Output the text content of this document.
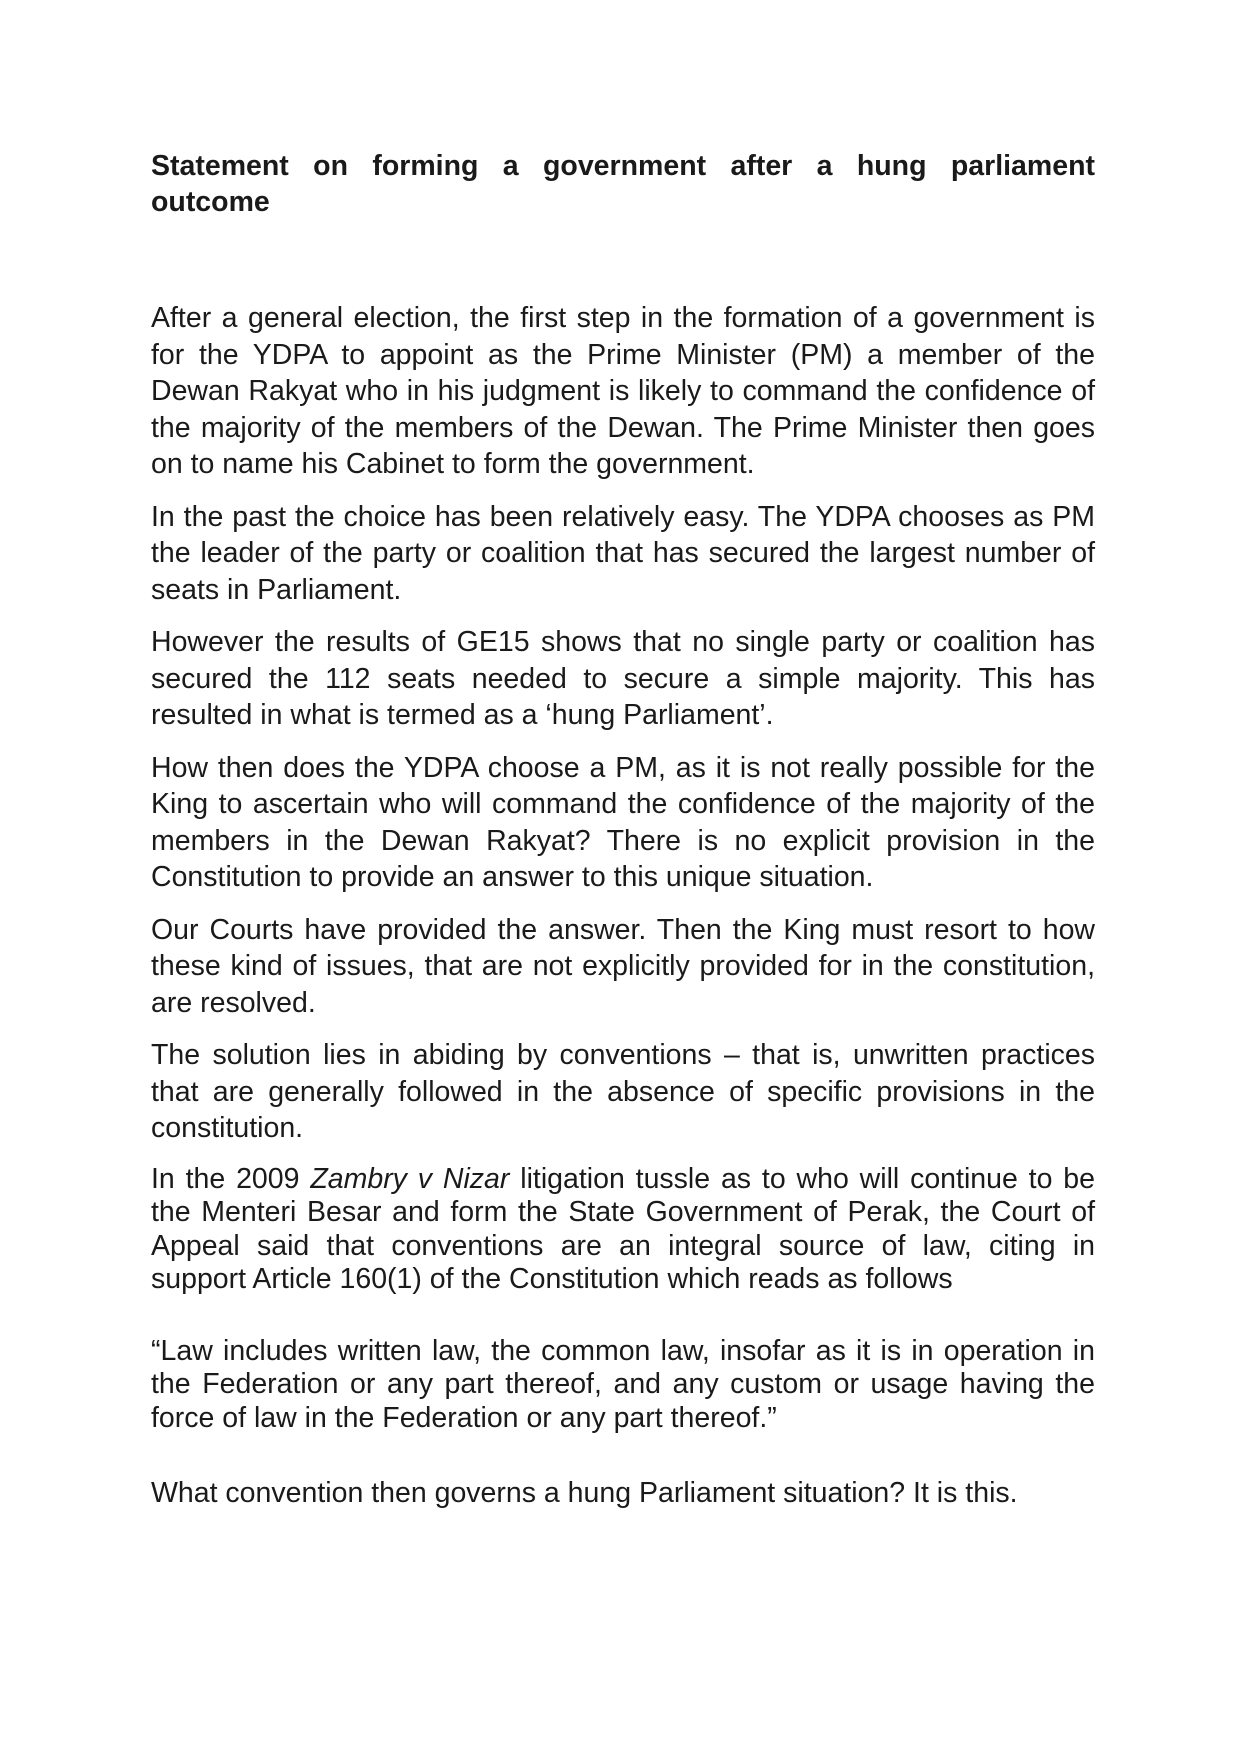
Statement on forming a government after a hung parliament outcome

After a general election, the first step in the formation of a government is for the YDPA to appoint as the Prime Minister (PM) a member of the Dewan Rakyat who in his judgment is likely to command the confidence of the majority of the members of the Dewan. The Prime Minister then goes on to name his Cabinet to form the government.

In the past the choice has been relatively easy. The YDPA chooses as PM the leader of the party or coalition that has secured the largest number of seats in Parliament.

However the results of GE15 shows that no single party or coalition has secured the 112 seats needed to secure a simple majority. This has resulted in what is termed as a ‘hung Parliament’.

How then does the YDPA choose a PM, as it is not really possible for the King to ascertain who will command the confidence of the majority of the members in the Dewan Rakyat? There is no explicit provision in the Constitution to provide an answer to this unique situation.

Our Courts have provided the answer. Then the King must resort to how these kind of issues, that are not explicitly provided for in the constitution, are resolved.

The solution lies in abiding by conventions – that is, unwritten practices that are generally followed in the absence of specific provisions in the constitution.

In the 2009 Zambry v Nizar litigation tussle as to who will continue to be the Menteri Besar and form the State Government of Perak, the Court of Appeal said that conventions are an integral source of law, citing in support Article 160(1) of the Constitution which reads as follows

“Law includes written law, the common law, insofar as it is in operation in the Federation or any part thereof, and any custom or usage having the force of law in the Federation or any part thereof.”

What convention then governs a hung Parliament situation? It is this.
